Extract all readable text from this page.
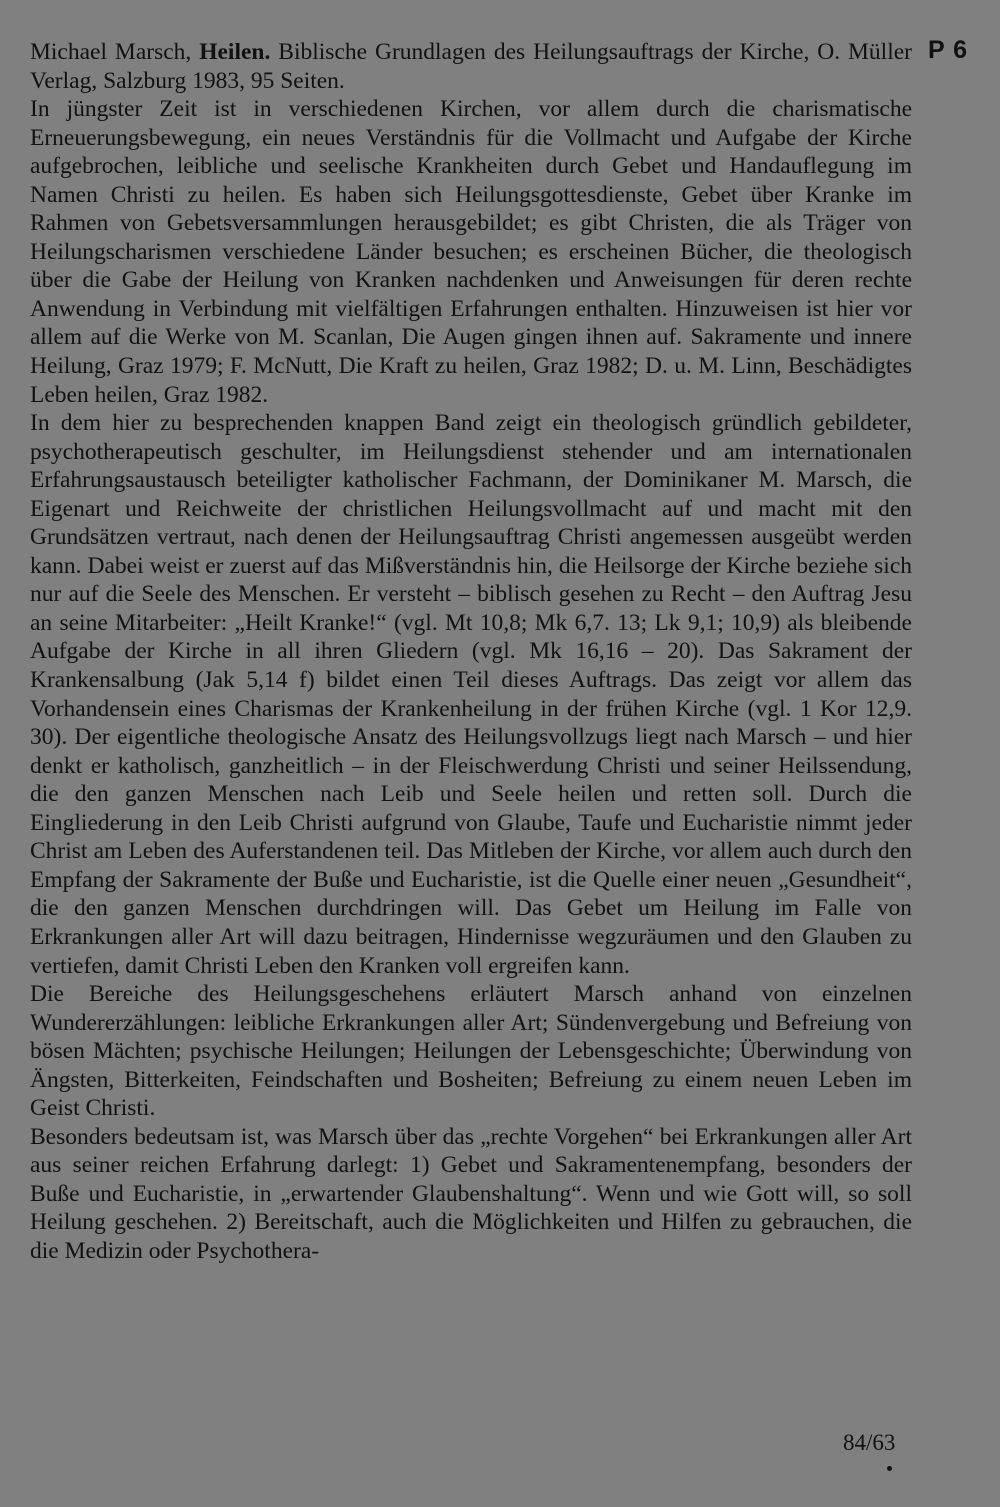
P 6

Michael Marsch, Heilen. Biblische Grundlagen des Heilungsauftrags der Kirche, O. Müller Verlag, Salzburg 1983, 95 Seiten.

In jüngster Zeit ist in verschiedenen Kirchen, vor allem durch die charismatische Erneuerungsbewegung, ein neues Verständnis für die Vollmacht und Aufgabe der Kirche aufgebrochen, leibliche und seelische Krankheiten durch Gebet und Handauflegung im Namen Christi zu heilen. Es haben sich Heilungsgottesdienste, Gebet über Kranke im Rahmen von Gebetsversammlungen herausgebildet; es gibt Christen, die als Träger von Heilungscharismen verschiedene Länder besuchen; es erscheinen Bücher, die theologisch über die Gabe der Heilung von Kranken nachdenken und Anweisungen für deren rechte Anwendung in Verbindung mit vielfältigen Erfahrungen enthalten. Hinzuweisen ist hier vor allem auf die Werke von M. Scanlan, Die Augen gingen ihnen auf. Sakramente und innere Heilung, Graz 1979; F. McNutt, Die Kraft zu heilen, Graz 1982; D. u. M. Linn, Beschädigtes Leben heilen, Graz 1982.

In dem hier zu besprechenden knappen Band zeigt ein theologisch gründlich gebildeter, psychotherapeutisch geschulter, im Heilungsdienst stehender und am internationalen Erfahrungsaustausch beteiligter katholischer Fachmann, der Dominikaner M. Marsch, die Eigenart und Reichweite der christlichen Heilungsvollmacht auf und macht mit den Grundsätzen vertraut, nach denen der Heilungsauftrag Christi angemessen ausgeübt werden kann. Dabei weist er zuerst auf das Mißverständnis hin, die Heilsorge der Kirche beziehe sich nur auf die Seele des Menschen. Er versteht – biblisch gesehen zu Recht – den Auftrag Jesu an seine Mitarbeiter: „Heilt Kranke!“ (vgl. Mt 10,8; Mk 6,7. 13; Lk 9,1; 10,9) als bleibende Aufgabe der Kirche in all ihren Gliedern (vgl. Mk 16,16 – 20). Das Sakrament der Krankensalbung (Jak 5,14 f) bildet einen Teil dieses Auftrags. Das zeigt vor allem das Vorhandensein eines Charismas der Krankenheilung in der frühen Kirche (vgl. 1 Kor 12,9. 30). Der eigentliche theologische Ansatz des Heilungsvollzugs liegt nach Marsch – und hier denkt er katholisch, ganzheitlich – in der Fleischwerdung Christi und seiner Heilssendung, die den ganzen Menschen nach Leib und Seele heilen und retten soll. Durch die Eingliederung in den Leib Christi aufgrund von Glaube, Taufe und Eucharistie nimmt jeder Christ am Leben des Auferstandenen teil. Das Mitleben der Kirche, vor allem auch durch den Empfang der Sakramente der Buße und Eucharistie, ist die Quelle einer neuen „Gesundheit“, die den ganzen Menschen durchdringen will. Das Gebet um Heilung im Falle von Erkrankungen aller Art will dazu beitragen, Hindernisse wegzuräumen und den Glauben zu vertiefen, damit Christi Leben den Kranken voll ergreifen kann.

Die Bereiche des Heilungsgeschehens erläutert Marsch anhand von einzelnen Wundererzählungen: leibliche Erkrankungen aller Art; Sündenvergebung und Befreiung von bösen Mächten; psychische Heilungen; Heilungen der Lebensgeschichte; Überwindung von Ängsten, Bitterkeiten, Feindschaften und Bosheiten; Befreiung zu einem neuen Leben im Geist Christi.

Besonders bedeutsam ist, was Marsch über das „rechte Vorgehen“ bei Erkrankungen aller Art aus seiner reichen Erfahrung darlegt: 1) Gebet und Sakramentenempfang, besonders der Buße und Eucharistie, in „erwartender Glaubenshaltung“. Wenn und wie Gott will, so soll Heilung geschehen. 2) Bereitschaft, auch die Möglichkeiten und Hilfen zu gebrauchen, die die Medizin oder Psychothera-

84/63
